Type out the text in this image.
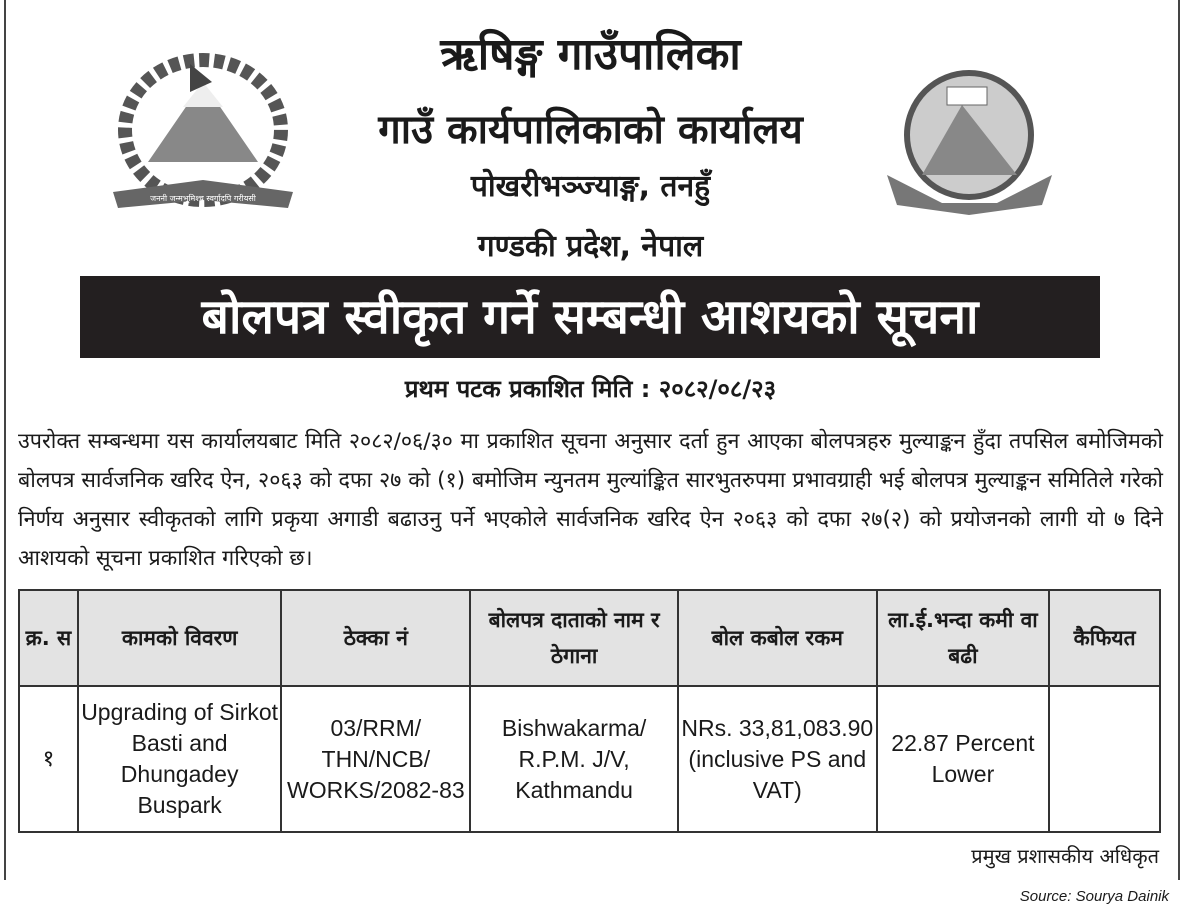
जननी जन्मभूमिश्च स्वर्गादपि गरीयसी
ऋषिङ्ग गाउँपालिका
गाउँ कार्यपालिकाको कार्यालय
पोखरीभञ्ज्याङ्ग, तनहुँ
गण्डकी प्रदेश, नेपाल
बोलपत्र स्वीकृत गर्ने सम्बन्धी आशयको सूचना
प्रथम पटक प्रकाशित मिति : २०८२/०८/२३
उपरोक्त सम्बन्धमा यस कार्यालयबाट मिति २०८२/०६/३० मा प्रकाशित सूचना अनुसार दर्ता हुन आएका बोलपत्रहरु मुल्याङ्कन हुँदा तपसिल बमोजिमको बोलपत्र सार्वजनिक खरिद ऐन, २०६३ को दफा २७ को (१) बमोजिम न्युनतम मुल्यांङ्कित सारभुतरुपमा प्रभावग्राही भई बोलपत्र मुल्याङ्कन समितिले गरेको निर्णय अनुसार स्वीकृतको लागि प्रकृया अगाडी बढाउनु पर्ने भएकोले सार्वजनिक खरिद ऐन २०६३ को दफा २७(२) को प्रयोजनको लागी यो ७ दिने आशयको सूचना प्रकाशित गरिएको छ।
क्र. स	कामको विवरण	ठेक्का नं	बोलपत्र दाताको नाम र ठेगाना	बोल कबोल रकम	ला.ई.भन्दा कमी वा बढी	कैफियत
१	Upgrading of Sirkot Basti and Dhungadey Buspark	03/RRM/ THN/NCB/ WORKS/2082-83	Bishwakarma/ R.P.M. J/V, Kathmandu	NRs. 33,81,083.90 (inclusive PS and VAT)	22.87 Percent Lower	
प्रमुख प्रशासकीय अधिकृत
Source: Sourya Dainik
